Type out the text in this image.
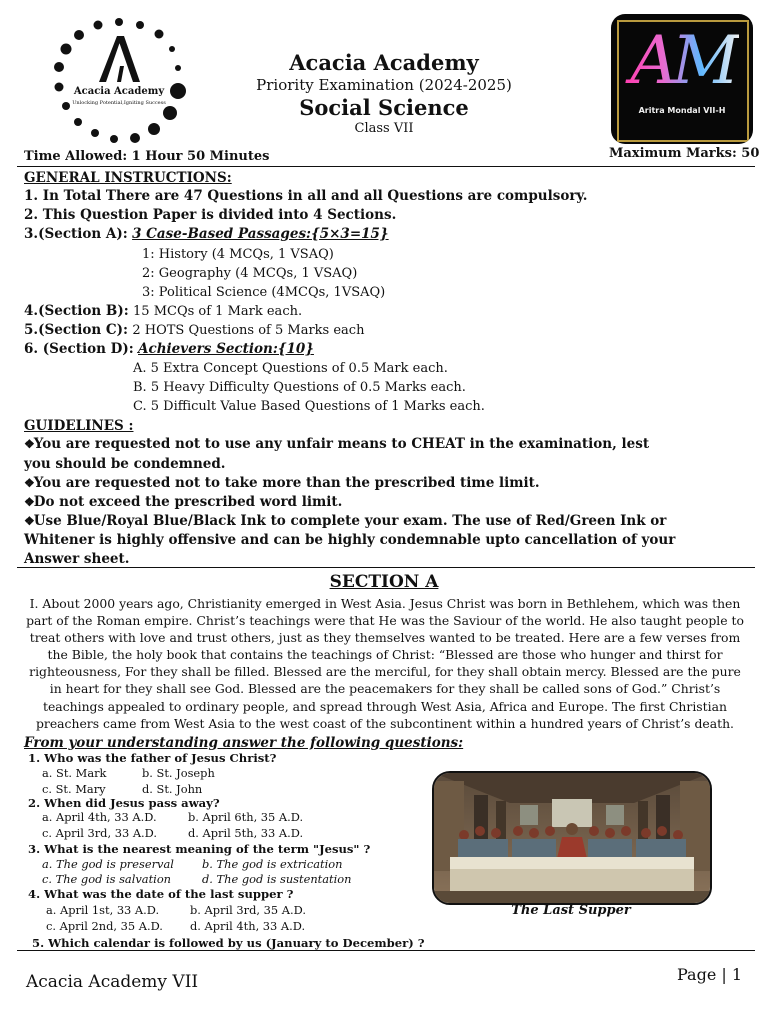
Acacia Academy
Unlocking Potential,Igniting Success
AM
Aritra Mondal VII-H
Acacia Academy
Priority Examination (2024-2025)
Social Science
Class VII
Time Allowed: 1 Hour 50 Minutes	Maximum Marks: 50
GENERAL INSTRUCTIONS:
1. In Total There are 47 Questions in all and all Questions are compulsory.
2. This Question Paper is divided into 4 Sections.
3.(Section A): 3 Case-Based Passages:{5×3=15}
1: History (4 MCQs, 1 VSAQ)
2: Geography (4 MCQs, 1 VSAQ)
3: Political Science (4MCQs, 1VSAQ)
4.(Section B): 15 MCQs of 1 Mark each.
5.(Section C): 2 HOTS Questions of 5 Marks each
6. (Section D): Achievers Section:{10}
A. 5 Extra Concept Questions of 0.5 Mark each.
B. 5 Heavy Difficulty Questions of 0.5 Marks each.
C. 5 Difficult Value Based Questions of 1 Marks each.
GUIDELINES :
❖You are requested not to use any unfair means to CHEAT in the examination, lest
you should be condemned.
❖You are requested not to take more than the prescribed time limit.
❖Do not exceed the prescribed word limit.
❖Use Blue/Royal Blue/Black Ink to complete your exam. The use of Red/Green Ink or
Whitener is highly offensive and can be highly condemnable upto cancellation of your
Answer sheet.
SECTION A
I. About 2000 years ago, Christianity emerged in West Asia. Jesus Christ was born in Bethlehem, which was then part of the Roman empire. Christ’s teachings were that He was the Saviour of the world. He also taught people to treat others with love and trust others, just as they themselves wanted to be treated. Here are a few verses from the Bible, the holy book that contains the teachings of Christ: “Blessed are those who hunger and thirst for righteousness, For they shall be filled. Blessed are the merciful, for they shall obtain mercy. Blessed are the pure in heart for they shall see God. Blessed are the peacemakers for they shall be called sons of God.” Christ’s teachings appealed to ordinary people, and spread through West Asia, Africa and Europe. The first Christian preachers came from West Asia to the west coast of the subcontinent within a hundred years of Christ’s death.
From your understanding answer the following questions:
1. Who was the father of Jesus Christ?
a. St. Mark	b. St. Joseph
c. St. Mary	d. St. John
2. When did Jesus pass away?
a. April 4th, 33 A.D.	b. April 6th, 35 A.D.
c. April 3rd, 33 A.D.	d. April 5th, 33 A.D.
3. What is the nearest meaning of the term "Jesus" ?
a. The god is preserval b. The god is extrication
c. The god is salvation	d. The god is sustentation
4. What was the date of the last supper ?
a. April 1st, 33 A.D.	b. April 3rd, 35 A.D.
c. April 2nd, 35 A.D. d. April 4th, 33 A.D.
5. Which calendar is followed by us (January to December) ?
The Last Supper
Acacia Academy VII	Page | 1
